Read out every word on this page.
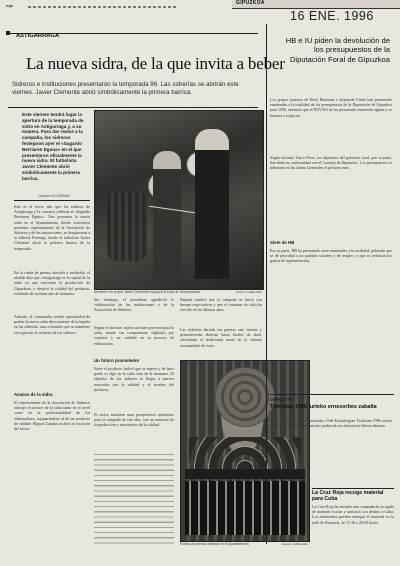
eqa	GIPUZKOA
16 ENE. 1996
ASTIGARRAGA
La nueva sidra, de la que invita a beber
Sidreros e instituciones presentaron la temporada 96. Las sidrerías se abrirán este viernes. Javier Clemente abrió simbólicamente la primera barrica.
Este viernes tendrá lugar la apertura de la temporada de sidra en Astigarraga y, a su manera. Para dar realce a la campaña, los sidreros festejaron ayer el «Sagardo Berriaren Eguna» en el que presentaron oficialmente la nueva sidra. El futbolista Javier Clemente abrió simbólicamente la primera barrica.
Carmen ELIZARAN
Este es el tercer año que los sidreros de Astigarraga y la comarca celebran el «Sagardo Berriaren Eguna». Tras presentar la nueva sidra en el Ayuntamiento, donde estuvieron presentes representantes de la Asociación de Sidreros y de las instituciones, se desplazaron a la sidrería Petritegi, donde el futbolista Javier Clemente abrió la primera barrica de la temporada.
En la rueda de prensa ofrecida a mediodía, el alcalde dijo que «Astigarraga es la capital de la sidra ya que concentra la producción de Gipuzkoa» y destacó la calidad del producto, resultado de un buen año de manzana.
Además, el consumidor tendrá oportunidad de probar la nueva sidra directamente de la kupela en las sidrerías, una costumbre que se mantiene viva gracias al esfuerzo de los sidreros.
Avance de la sidra
El representante de la Asociación de Sidreros subrayó el avance de la sidra tanto en el nivel como en la profesionalidad de los elaboradores, equiparándose al de un producto de calidad. Miguel Zapiain recalcó la vocación del sector.
Momento en el que Javier Clemente inauguró el txotx de la temporada.	Andoni CANELADA
Sin embargo, el presidente agradeció la colaboración de las instituciones y de la Asociación de Sidreros.
Según el informe, sujeto un buen porvenir para la sidra, siendo sus componentes vigilados por expertos y un cuidado en su proceso de elaboración.
Un futuro prometedor
Entre el producto indicó que se espera y de hace grado es algo en la sidra sino de la manzana. El objetivo de los sidreros es llegar a nuevos mercados con la calidad y el nombre del producto.
El sector mantiene unas perspectivas optimistas para la campaña de este año, con un aumento de la producción y una mejora de la calidad.
Zapiain explicó que la campaña se inicia con buenas expectativas y que el consumo de sidra ha crecido en los últimos años.
Las sidrerías abrirán sus puertas este viernes y permanecerán abiertas hasta finales de abril, ofreciendo el tradicional menú de la sidrería acompañado de txotx.
Rueda de prensa ofrecida en el Ayuntamiento.	Andoni CANELADA
HB e IU piden la devolución de los presupuestos de la Diputación Foral de Gipuzkoa
Los grupos junteros de Herri Batasuna e Izquierda Unida han presentado enmiendas a la totalidad de los presupuestos de la Diputación de Gipuzkoa para 1996, mientras que el PNV-EA no ha presentado enmienda alguna y se limitará a negociar.
Según informó Vasco Press, los diputados del gobierno foral, por su parte, han dado su conformidad con el Consejo de Diputados. Los presupuestos se debatirán en las Juntas Generales el próximo mes.
Siete de HB
Por su parte, HB ha presentado siete enmiendas a la totalidad, pidiendo que se dé prioridad a las partidas sociales y de empleo, y que se reduzcan los gastos de representación.
DONOSTIA
Txikistan 1996, urteko ernesorbes zabalta
Gaur aurkeztuko dute Donostiako Udal Euskaltegian Txikistan 1996 urteko ernesorbes zabalta, umeentzako jarduerak eta ikastaroak biltzen dituena.
La Cruz Roja recoge material para Cuba
La Cruz Roja ha iniciado una campaña de recogida de material escolar y sanitario con destino a Cuba. Los interesados pueden entregar el material en la sede de Donostia, de 17.30 a 20.00 horas.
